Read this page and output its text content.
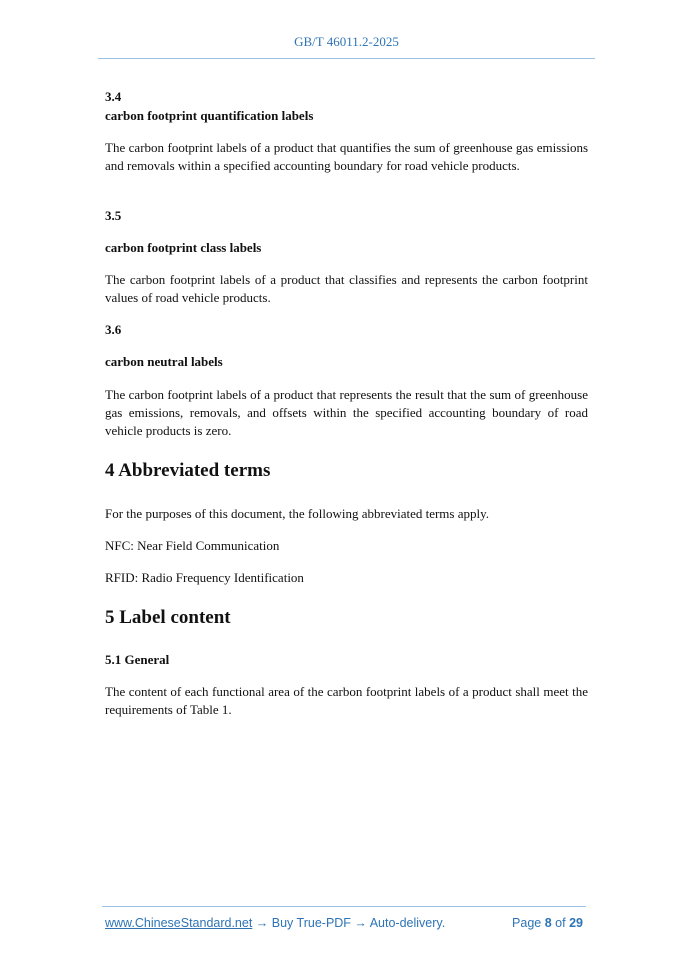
GB/T 46011.2-2025
3.4
carbon footprint quantification labels
The carbon footprint labels of a product that quantifies the sum of greenhouse gas emissions and removals within a specified accounting boundary for road vehicle products.
3.5
carbon footprint class labels
The carbon footprint labels of a product that classifies and represents the carbon footprint values of road vehicle products.
3.6
carbon neutral labels
The carbon footprint labels of a product that represents the result that the sum of greenhouse gas emissions, removals, and offsets within the specified accounting boundary of road vehicle products is zero.
4 Abbreviated terms
For the purposes of this document, the following abbreviated terms apply.
NFC: Near Field Communication
RFID: Radio Frequency Identification
5 Label content
5.1 General
The content of each functional area of the carbon footprint labels of a product shall meet the requirements of Table 1.
www.ChineseStandard.net → Buy True-PDF → Auto-delivery.	Page 8 of 29
